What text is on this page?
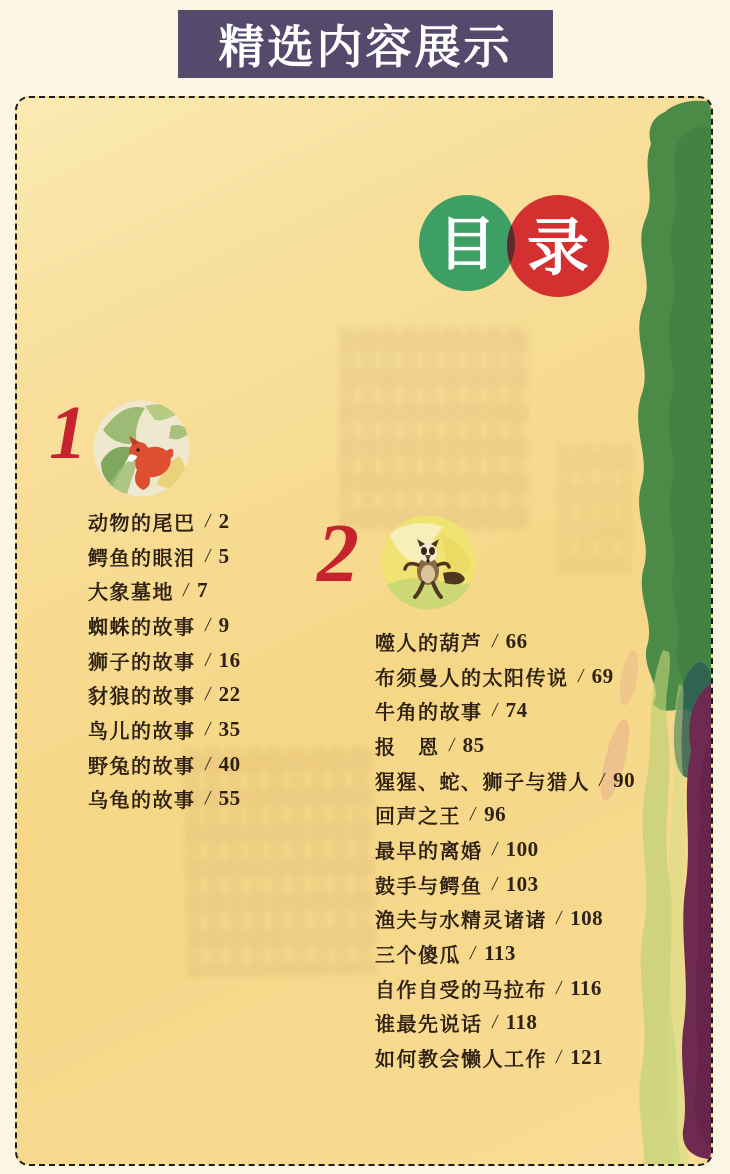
精选内容展示
目 录
1
动物的尾巴 / 2
鳄鱼的眼泪 / 5
大象墓地 / 7
蜘蛛的故事 / 9
狮子的故事 / 16
豺狼的故事 / 22
鸟儿的故事 / 35
野兔的故事 / 40
乌龟的故事 / 55
2
噬人的葫芦 / 66
布须曼人的太阳传说 / 69
牛角的故事 / 74
报　恩 / 85
猩猩、蛇、狮子与猎人 / 90
回声之王 / 96
最早的离婚 / 100
鼓手与鳄鱼 / 103
渔夫与水精灵诸诸 / 108
三个傻瓜 / 113
自作自受的马拉布 / 116
谁最先说话 / 118
如何教会懒人工作 / 121
